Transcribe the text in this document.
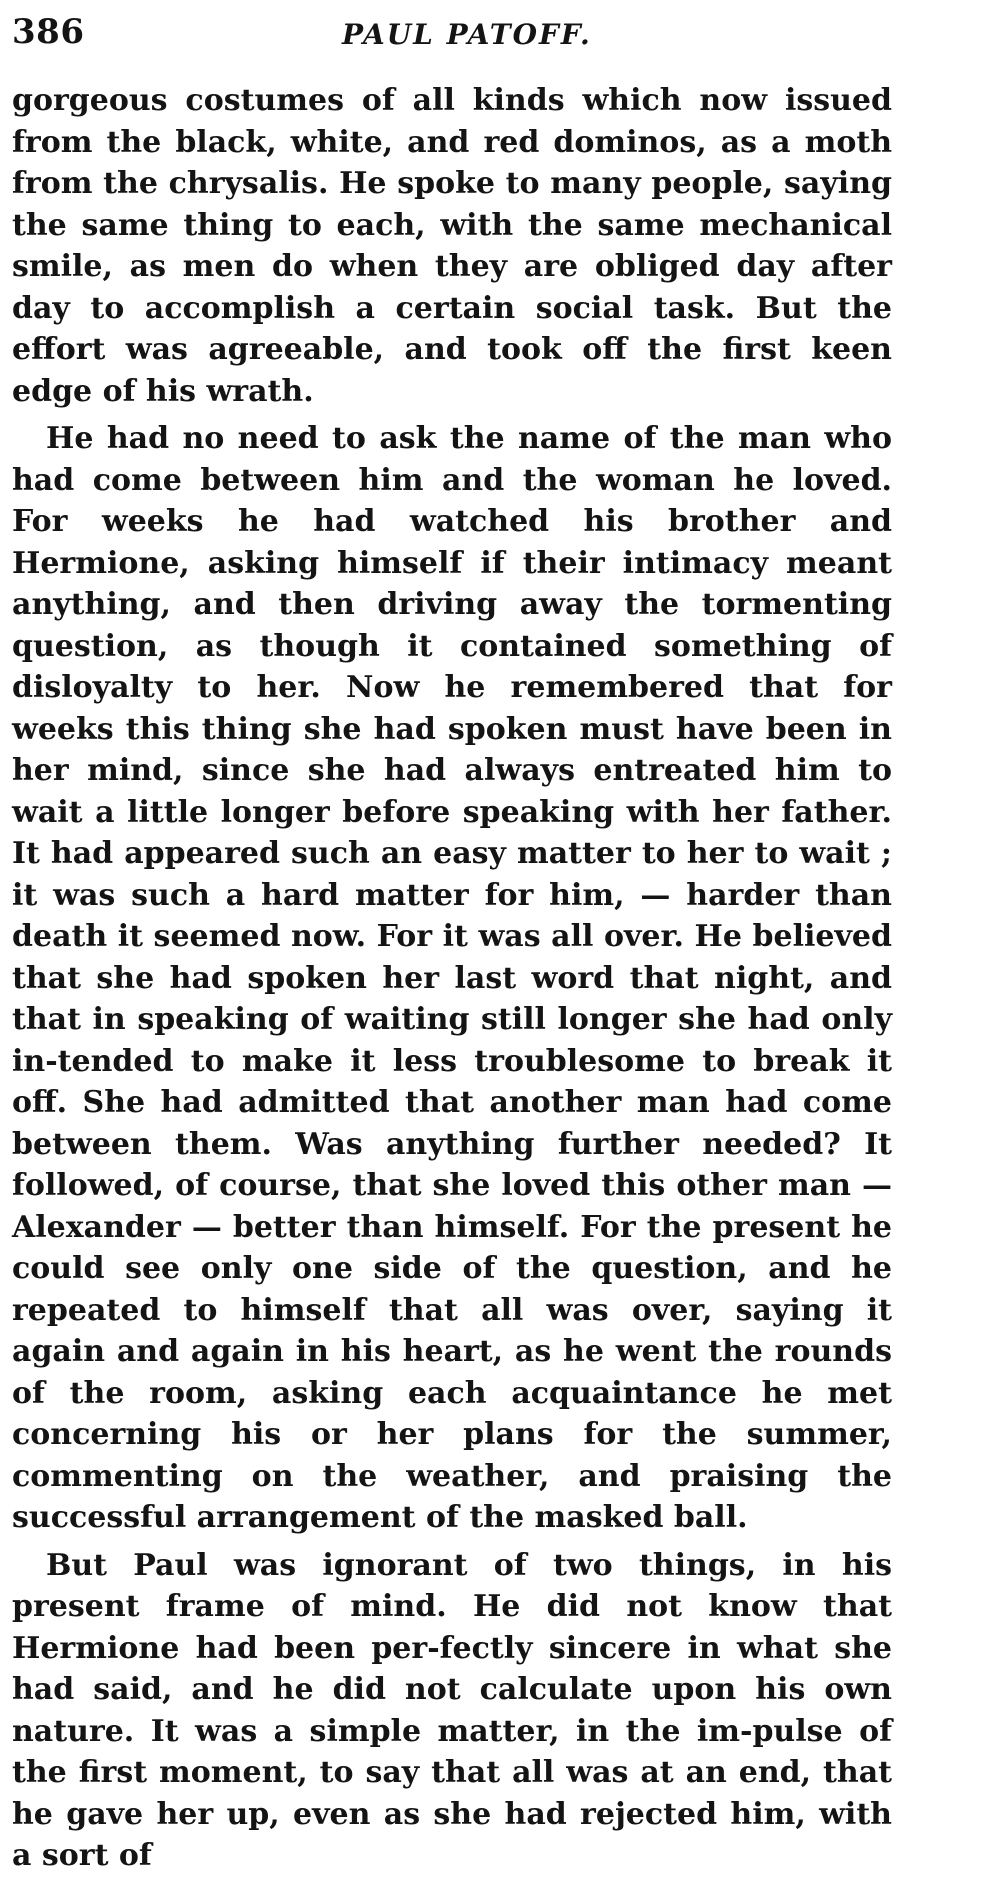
386	PAUL PATOFF.

gorgeous costumes of all kinds which now issued from the black, white, and red dominos, as a moth from the chrysalis. He spoke to many people, saying the same thing to each, with the same mechanical smile, as men do when they are obliged day after day to accomplish a certain social task. But the effort was agreeable, and took off the first keen edge of his wrath.

He had no need to ask the name of the man who had come between him and the woman he loved. For weeks he had watched his brother and Hermione, asking himself if their intimacy meant anything, and then driving away the tormenting question, as though it contained something of disloyalty to her. Now he remembered that for weeks this thing she had spoken must have been in her mind, since she had always entreated him to wait a little longer before speaking with her father. It had appeared such an easy matter to her to wait ; it was such a hard matter for him, — harder than death it seemed now. For it was all over. He believed that she had spoken her last word that night, and that in speaking of waiting still longer she had only in-tended to make it less troublesome to break it off. She had admitted that another man had come between them. Was anything further needed? It followed, of course, that she loved this other man — Alexander — better than himself. For the present he could see only one side of the question, and he repeated to himself that all was over, saying it again and again in his heart, as he went the rounds of the room, asking each acquaintance he met concerning his or her plans for the summer, commenting on the weather, and praising the successful arrangement of the masked ball.

But Paul was ignorant of two things, in his present frame of mind. He did not know that Hermione had been per-fectly sincere in what she had said, and he did not calculate upon his own nature. It was a simple matter, in the im-pulse of the first moment, to say that all was at an end, that he gave her up, even as she had rejected him, with a sort of
